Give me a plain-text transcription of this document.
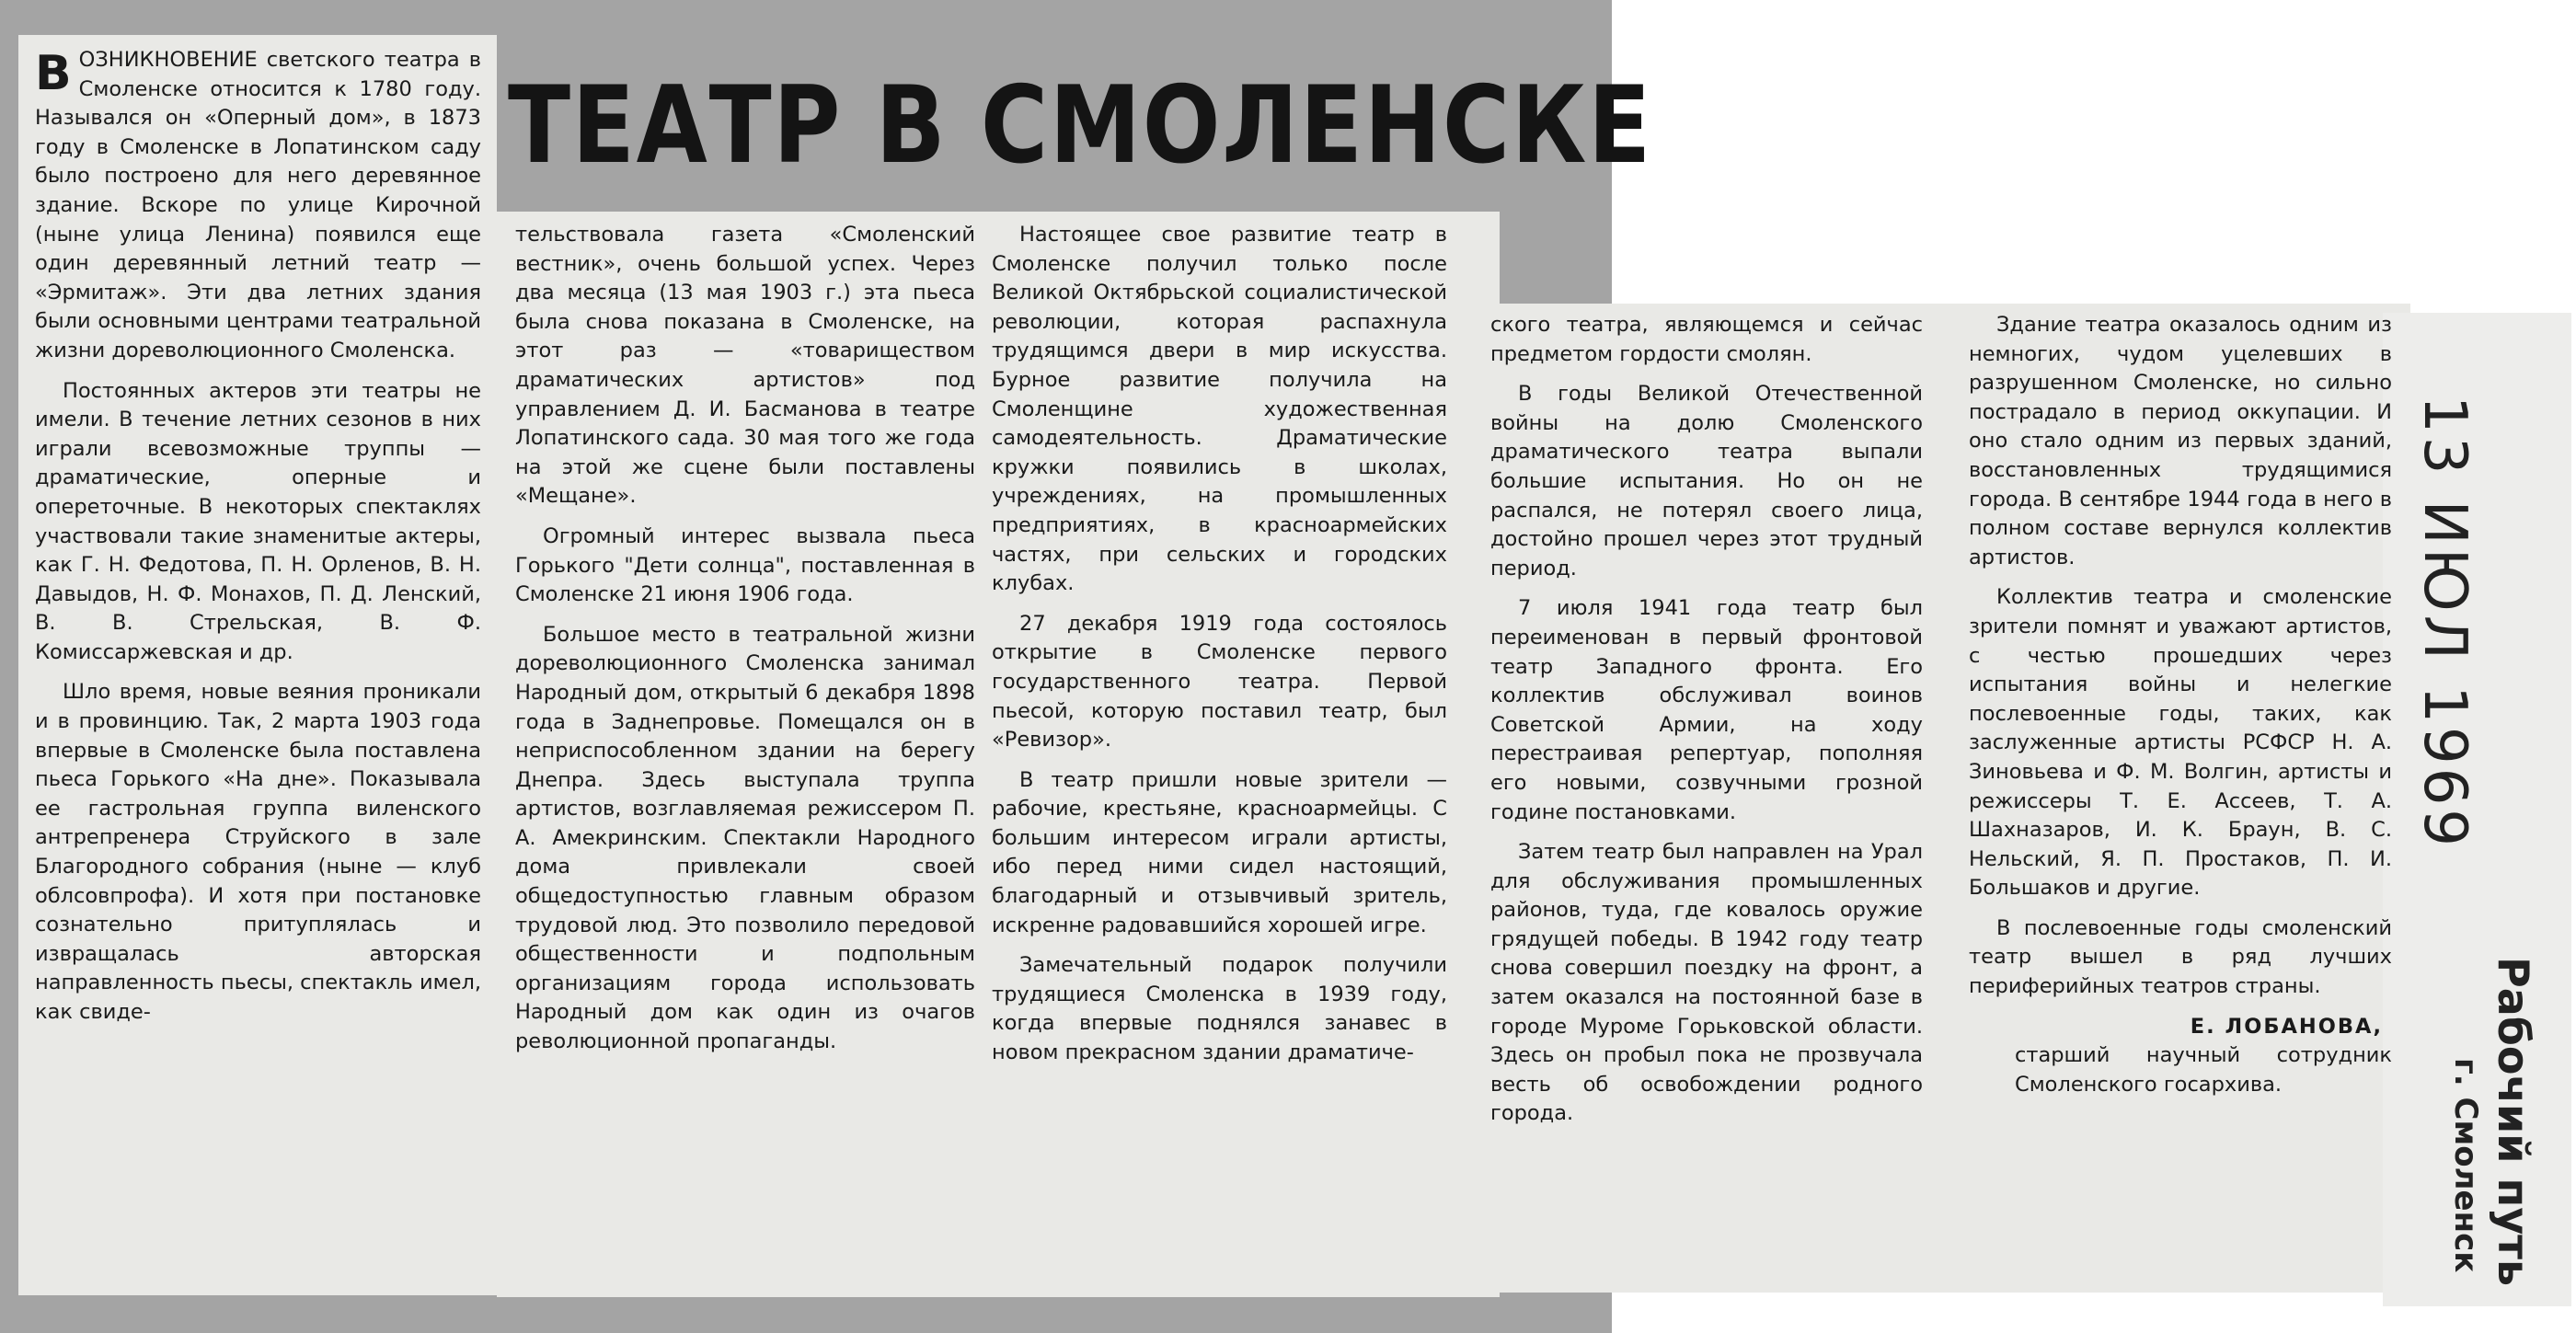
ТЕАТР В СМОЛЕНСКЕ

ВОЗНИКНОВЕНИЕ светского театра в Смоленске относится к 1780 году. Назывался он «Оперный дом», в 1873 году в Смоленске в Лопатинском саду было построено для него деревянное здание. Вскоре по улице Кирочной (ныне улица Ленина) появился еще один деревянный летний театр — «Эрмитаж». Эти два летних здания были основными центрами театральной жизни дореволюционного Смоленска.

Постоянных актеров эти театры не имели. В течение летних сезонов в них играли всевозможные труппы — драматические, оперные и опереточные. В некоторых спектаклях участвовали такие знаменитые актеры, как Г. Н. Федотова, П. Н. Орленов, В. Н. Давыдов, Н. Ф. Монахов, П. Д. Ленский, В. В. Стрельская, В. Ф. Комиссаржевская и др.

Шло время, новые веяния проникали и в провинцию. Так, 2 марта 1903 года впервые в Смоленске была поставлена пьеса Горького «На дне». Показывала ее гастрольная группа виленского антрепренера Струйского в зале Благородного собрания (ныне — клуб облсовпрофа). И хотя при постановке сознательно притуплялась и извращалась авторская направленность пьесы, спектакль имел, как свиде-

тельствовала газета «Смоленский вестник», очень большой успех. Через два месяца (13 мая 1903 г.) эта пьеса была снова показана в Смоленске, на этот раз — «товариществом драматических артистов» под управлением Д. И. Басманова в театре Лопатинского сада. 30 мая того же года на этой же сцене были поставлены «Мещане».

Огромный интерес вызвала пьеса Горького "Дети солнца", поставленная в Смоленске 21 июня 1906 года.

Большое место в театральной жизни дореволюционного Смоленска занимал Народный дом, открытый 6 декабря 1898 года в Заднепровье. Помещался он в неприспособленном здании на берегу Днепра. Здесь выступала труппа артистов, возглавляемая режиссером П. А. Амекринским. Спектакли Народного дома привлекали своей общедоступностью главным образом трудовой люд. Это позволило передовой общественности и подпольным организациям города использовать Народный дом как один из очагов революционной пропаганды.

Настоящее свое развитие театр в Смоленске получил только после Великой Октябрьской социалистической революции, которая распахнула трудящимся двери в мир искусства. Бурное развитие получила на Смоленщине художественная самодеятельность. Драматические кружки появились в школах, учреждениях, на промышленных предприятиях, в красноармейских частях, при сельских и городских клубах.

27 декабря 1919 года состоялось открытие в Смоленске первого государственного театра. Первой пьесой, которую поставил театр, был «Ревизор».

В театр пришли новые зрители — рабочие, крестьяне, красноармейцы. С большим интересом играли артисты, ибо перед ними сидел настоящий, благодарный и отзывчивый зритель, искренне радовавшийся хорошей игре.

Замечательный подарок получили трудящиеся Смоленска в 1939 году, когда впервые поднялся занавес в новом прекрасном здании драматиче-

ского театра, являющемся и сейчас предметом гордости смолян.

В годы Великой Отечественной войны на долю Смоленского драматического театра выпали большие испытания. Но он не распался, не потерял своего лица, достойно прошел через этот трудный период.

7 июля 1941 года театр был переименован в первый фронтовой театр Западного фронта. Его коллектив обслуживал воинов Советской Армии, на ходу перестраивая репертуар, пополняя его новыми, созвучными грозной године постановками.

Затем театр был направлен на Урал для обслуживания промышленных районов, туда, где ковалось оружие грядущей победы. В 1942 году театр снова совершил поездку на фронт, а затем оказался на постоянной базе в городе Муроме Горьковской области. Здесь он пробыл пока не прозвучала весть об освобождении родного города.

Здание театра оказалось одним из немногих, чудом уцелевших в разрушенном Смоленске, но сильно пострадало в период оккупации. И оно стало одним из первых зданий, восстановленных трудящимися города. В сентябре 1944 года в него в полном составе вернулся коллектив артистов.

Коллектив театра и смоленские зрители помнят и уважают артистов, с честью прошедших через испытания войны и нелегкие послевоенные годы, таких, как заслуженные артисты РСФСР Н. А. Зиновьева и Ф. М. Волгин, артисты и режиссеры Т. Е. Ассеев, Т. А. Шахназаров, И. К. Браун, В. С. Нельский, Я. П. Простаков, П. И. Большаков и другие.

В послевоенные годы смоленский театр вышел в ряд лучших периферийных театров страны.

Е. ЛОБАНОВА,
старший научный сотрудник Смоленского госархива.
13 ИЮЛ 1969
Рабочий путь
г. Смоленск
